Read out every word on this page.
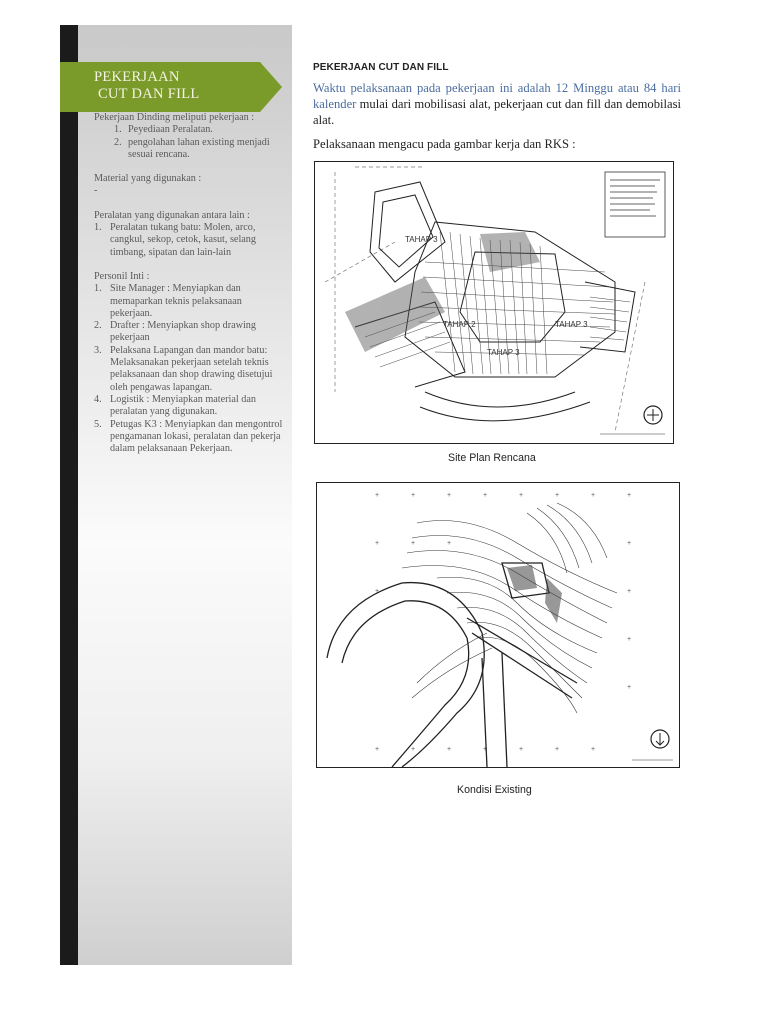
PEKERJAAN
CUT DAN FILL

Pekerjaan Dinding meliputi pekerjaan :

1. Peyediaan Peralatan.
2. pengolahan lahan existing menjadi sesuai rencana.

Material yang digunakan :

-

Peralatan yang digunakan antara lain :

1. Peralatan tukang batu: Molen, arco, cangkul, sekop, cetok, kasut, selang timbang, sipatan dan lain-lain

Personil Inti :

1. Site Manager : Menyiapkan dan memaparkan teknis pelaksanaan pekerjaan.
2. Drafter : Menyiapkan shop drawing pekerjaan
3. Pelaksana Lapangan dan mandor batu: Melaksanakan pekerjaan setelah teknis pelaksanaan dan shop drawing disetujui oleh pengawas lapangan.
4. Logistik : Menyiapkan material dan peralatan yang digunakan.
5. Petugas K3 : Menyiapkan dan mengontrol pengamanan lokasi, peralatan dan pekerja dalam pelaksanaan Pekerjaan.
PEKERJAAN CUT DAN FILL

Waktu pelaksanaan pada pekerjaan ini adalah 12 Minggu atau 84 hari kalender mulai dari mobilisasi alat, pekerjaan cut dan fill dan demobilasi alat.

Pelaksanaan mengacu pada gambar kerja dan RKS :

TAHAP 3
TAHAP 2	TAHAP 3
TAHAP 3
Site Plan Rencana
+	+	+	+	+	+	+	+
+	+	+	+
+	+
+
+
+	+	+	+	+	+	+
Kondisi Existing
